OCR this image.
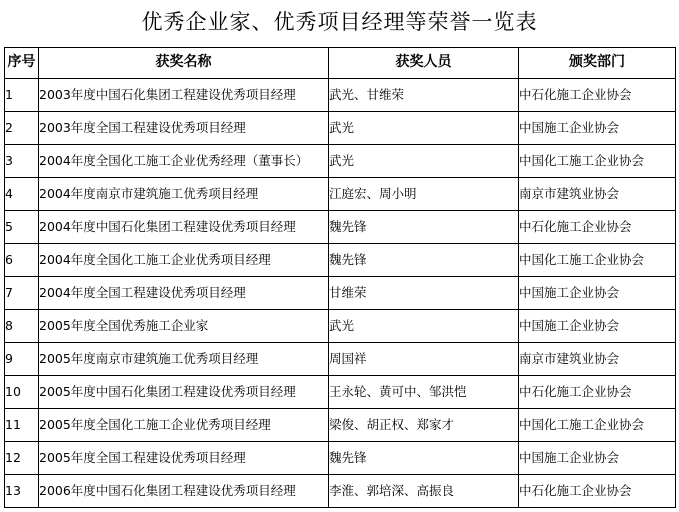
优秀企业家、优秀项目经理等荣誉一览表
序号	获奖名称	获奖人员	颁奖部门
1	2003年度中国石化集团工程建设优秀项目经理	武光、甘维荣	中石化施工企业协会
2	2003年度全国工程建设优秀项目经理	武光	中国施工企业协会
3	2004年度全国化工施工企业优秀经理（董事长）	武光	中国化工施工企业协会
4	2004年度南京市建筑施工优秀项目经理	江庭宏、周小明	南京市建筑业协会
5	2004年度中国石化集团工程建设优秀项目经理	魏先锋	中石化施工企业协会
6	2004年度全国化工施工企业优秀项目经理	魏先锋	中国化工施工企业协会
7	2004年度全国工程建设优秀项目经理	甘维荣	中国施工企业协会
8	2005年度全国优秀施工企业家	武光	中国施工企业协会
9	2005年度南京市建筑施工优秀项目经理	周国祥	南京市建筑业协会
10	2005年度中国石化集团工程建设优秀项目经理	王永轮、黄可中、邹洪恺	中石化施工企业协会
11	2005年度全国化工施工企业优秀项目经理	梁俊、胡正权、郑家才	中国化工施工企业协会
12	2005年度全国工程建设优秀项目经理	魏先锋	中国施工企业协会
13	2006年度中国石化集团工程建设优秀项目经理	李淮、郭培深、高振良	中石化施工企业协会
